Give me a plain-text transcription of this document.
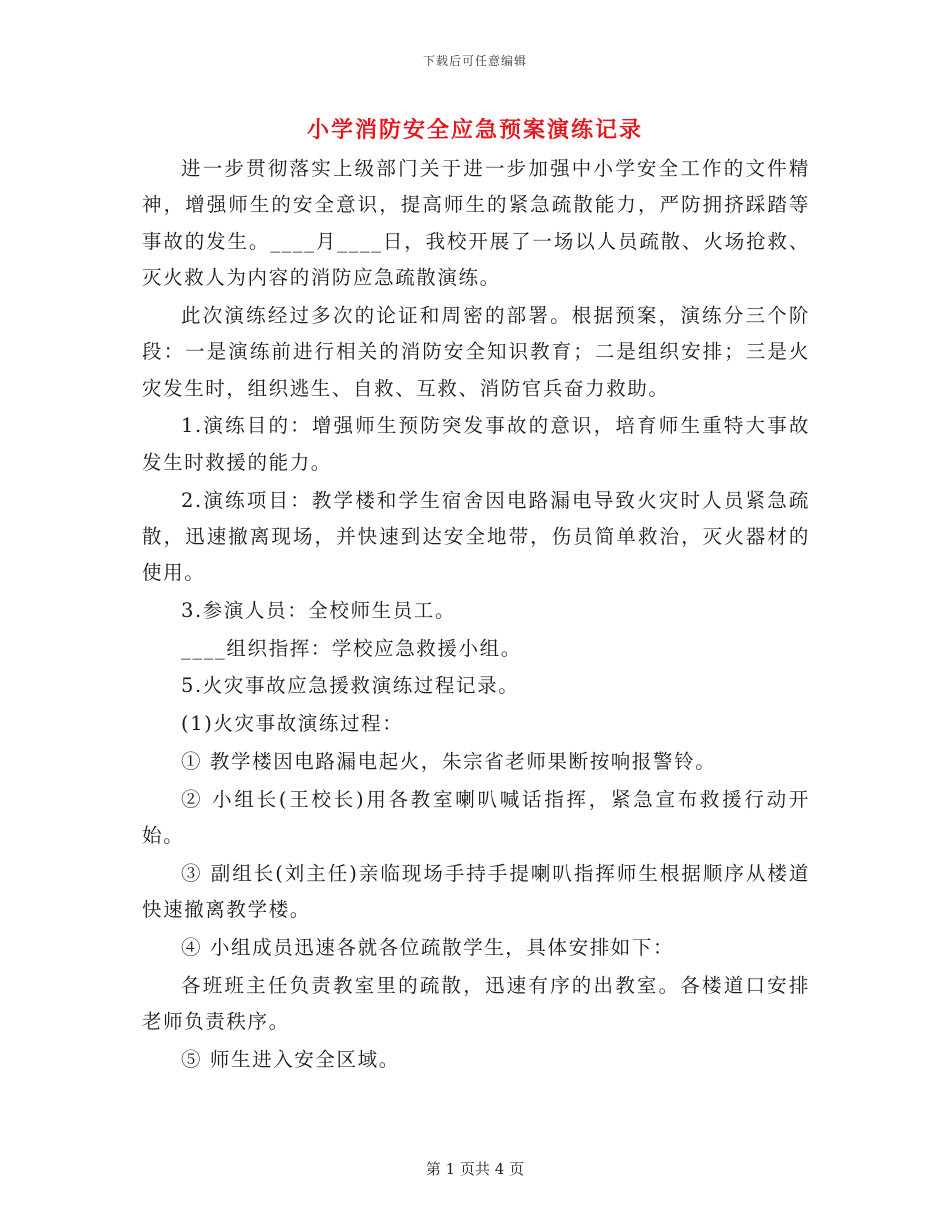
下载后可任意编辑
小学消防安全应急预案演练记录

进一步贯彻落实上级部门关于进一步加强中小学安全工作的文件精神，增强师生的安全意识，提高师生的紧急疏散能力，严防拥挤踩踏等事故的发生。____月____日，我校开展了一场以人员疏散、火场抢救、灭火救人为内容的消防应急疏散演练。

此次演练经过多次的论证和周密的部署。根据预案，演练分三个阶段：一是演练前进行相关的消防安全知识教育；二是组织安排；三是火灾发生时，组织逃生、自救、互救、消防官兵奋力救助。

1.演练目的：增强师生预防突发事故的意识，培育师生重特大事故发生时救援的能力。

2.演练项目：教学楼和学生宿舍因电路漏电导致火灾时人员紧急疏散，迅速撤离现场，并快速到达安全地带，伤员简单救治，灭火器材的使用。

3.参演人员：全校师生员工。

____组织指挥：学校应急救援小组。

5.火灾事故应急援救演练过程记录。

(1)火灾事故演练过程：

① 教学楼因电路漏电起火，朱宗省老师果断按响报警铃。

② 小组长(王校长)用各教室喇叭喊话指挥，紧急宣布救援行动开始。

③ 副组长(刘主任)亲临现场手持手提喇叭指挥师生根据顺序从楼道快速撤离教学楼。

④ 小组成员迅速各就各位疏散学生，具体安排如下：

各班班主任负责教室里的疏散，迅速有序的出教室。各楼道口安排老师负责秩序。

⑤ 师生进入安全区域。

第 1 页共 4 页
